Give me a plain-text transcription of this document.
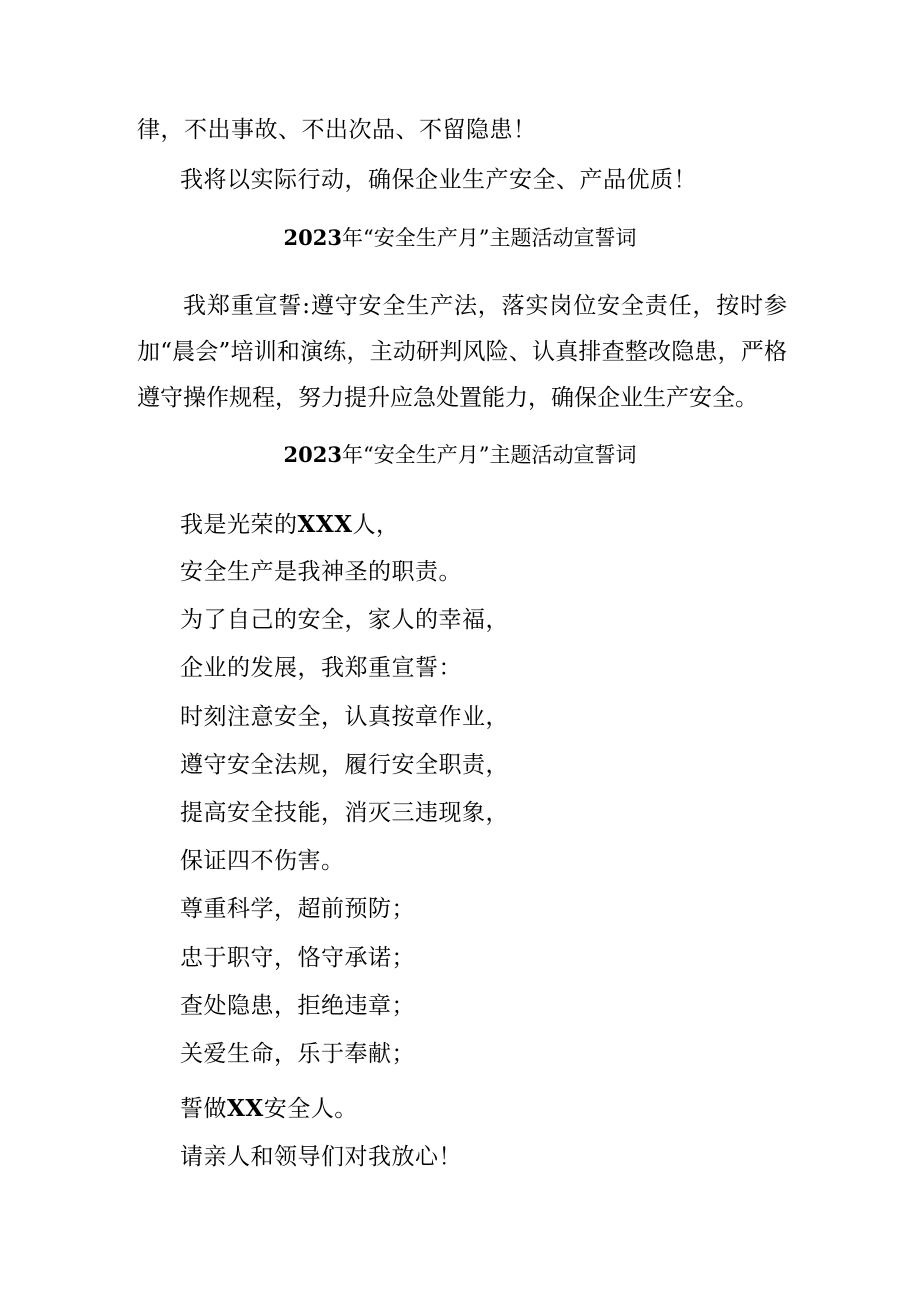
律，不出事故、不出次品、不留隐患！
我将以实际行动，确保企业生产安全、产品优质！
2023年“安全生产月”主题活动宣誓词
我郑重宣誓:遵守安全生产法，落实岗位安全责任，按时参加“晨会”培训和演练，主动研判风险、认真排查整改隐患，严格遵守操作规程，努力提升应急处置能力，确保企业生产安全。
2023年“安全生产月”主题活动宣誓词
我是光荣的XXX人，
安全生产是我神圣的职责。
为了自己的安全，家人的幸福，
企业的发展，我郑重宣誓：
时刻注意安全，认真按章作业，
遵守安全法规，履行安全职责，
提高安全技能，消灭三违现象，
保证四不伤害。
尊重科学，超前预防；
忠于职守，恪守承诺；
查处隐患，拒绝违章；
关爱生命，乐于奉献；
誓做XX安全人。
请亲人和领导们对我放心！
